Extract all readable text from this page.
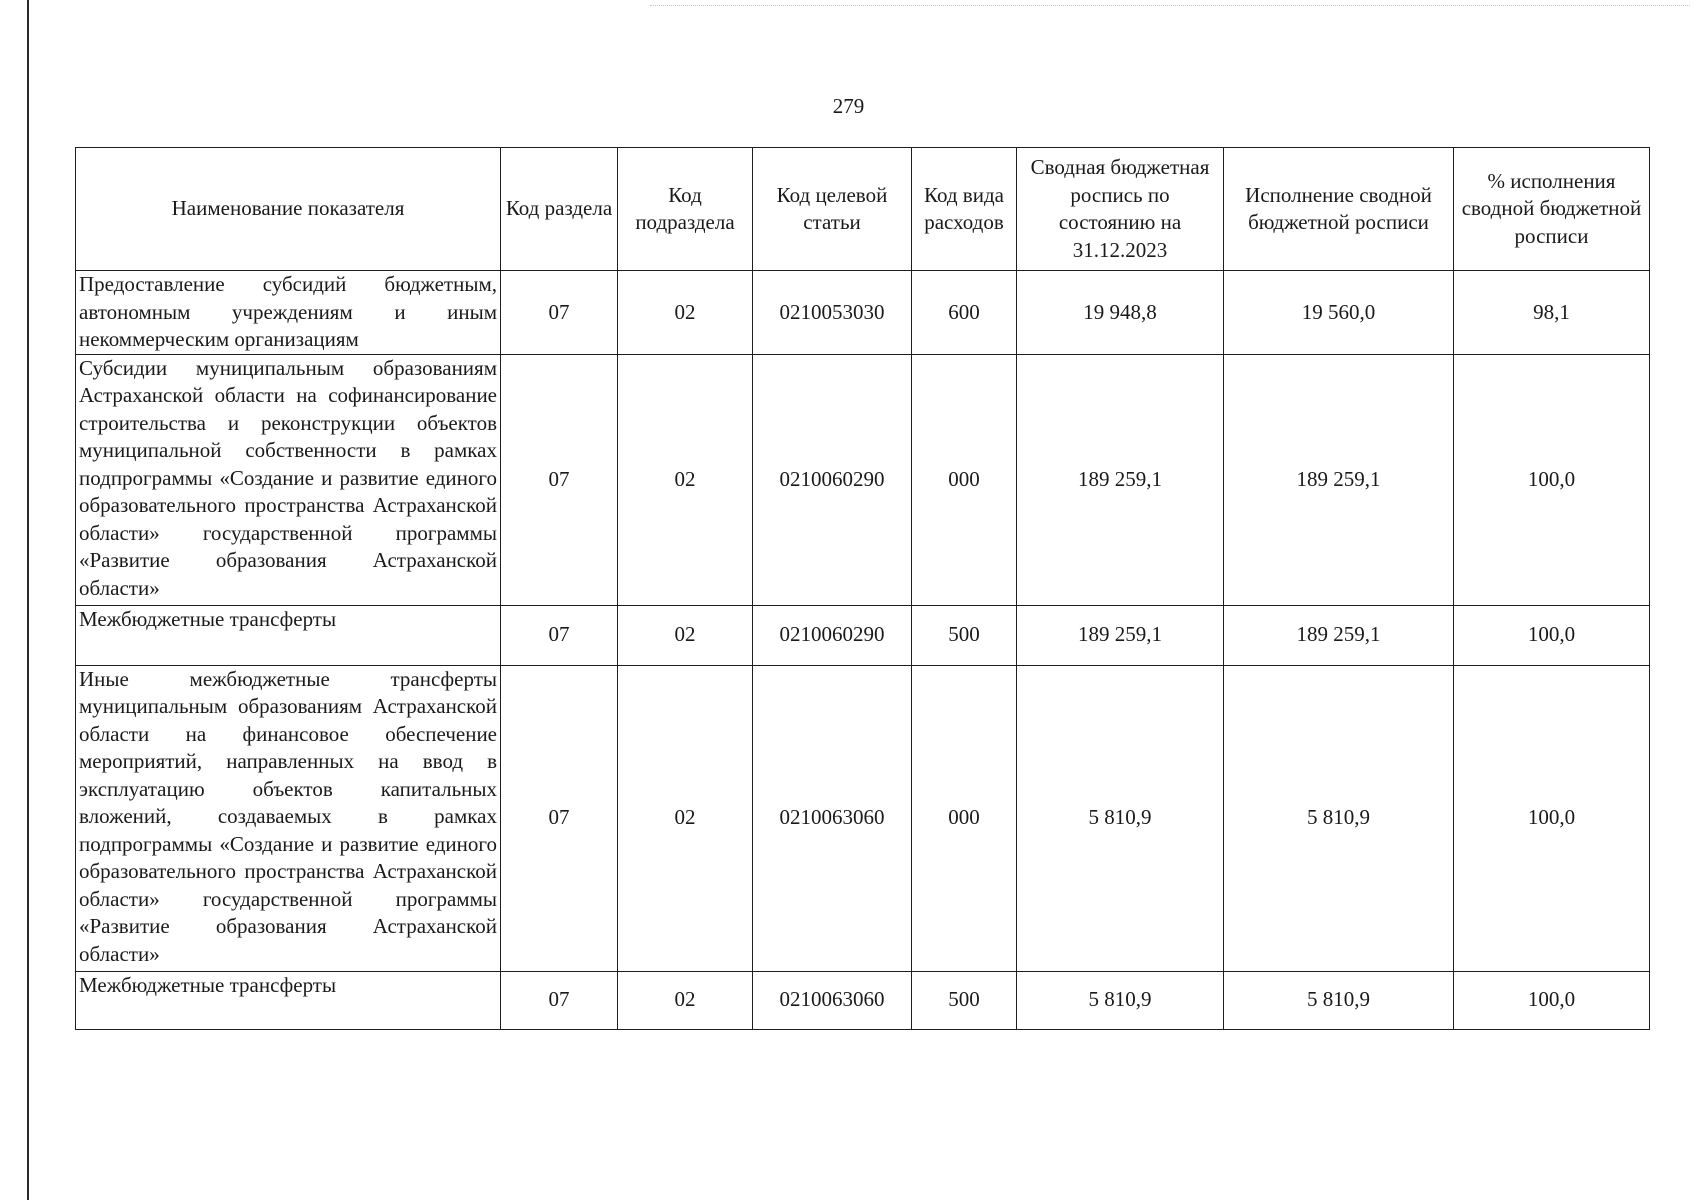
279
Наименование показателя	Код раздела	Код подраздела	Код целевой статьи	Код вида расходов	Сводная бюджетная роспись по состоянию на 31.12.2023	Исполнение сводной бюджетной росписи	% исполнения сводной бюджетной росписи
Предоставление субсидий бюджетным, автономным учреждениям и иным некоммерческим организациям	07	02	0210053030	600	19 948,8	19 560,0	98,1
Субсидии муниципальным образованиям Астраханской области на софинансирование строительства и реконструкции объектов муниципальной собственности в рамках подпрограммы «Создание и развитие единого образовательного пространства Астраханской области» государственной программы «Развитие образования Астраханской области»	07	02	0210060290	000	189 259,1	189 259,1	100,0
Межбюджетные трансферты	07	02	0210060290	500	189 259,1	189 259,1	100,0
Иные межбюджетные трансферты муниципальным образованиям Астраханской области на финансовое обеспечение мероприятий, направленных на ввод в эксплуатацию объектов капитальных вложений, создаваемых в рамках подпрограммы «Создание и развитие единого образовательного пространства Астраханской области» государственной программы «Развитие образования Астраханской области»	07	02	0210063060	000	5 810,9	5 810,9	100,0
Межбюджетные трансферты	07	02	0210063060	500	5 810,9	5 810,9	100,0
